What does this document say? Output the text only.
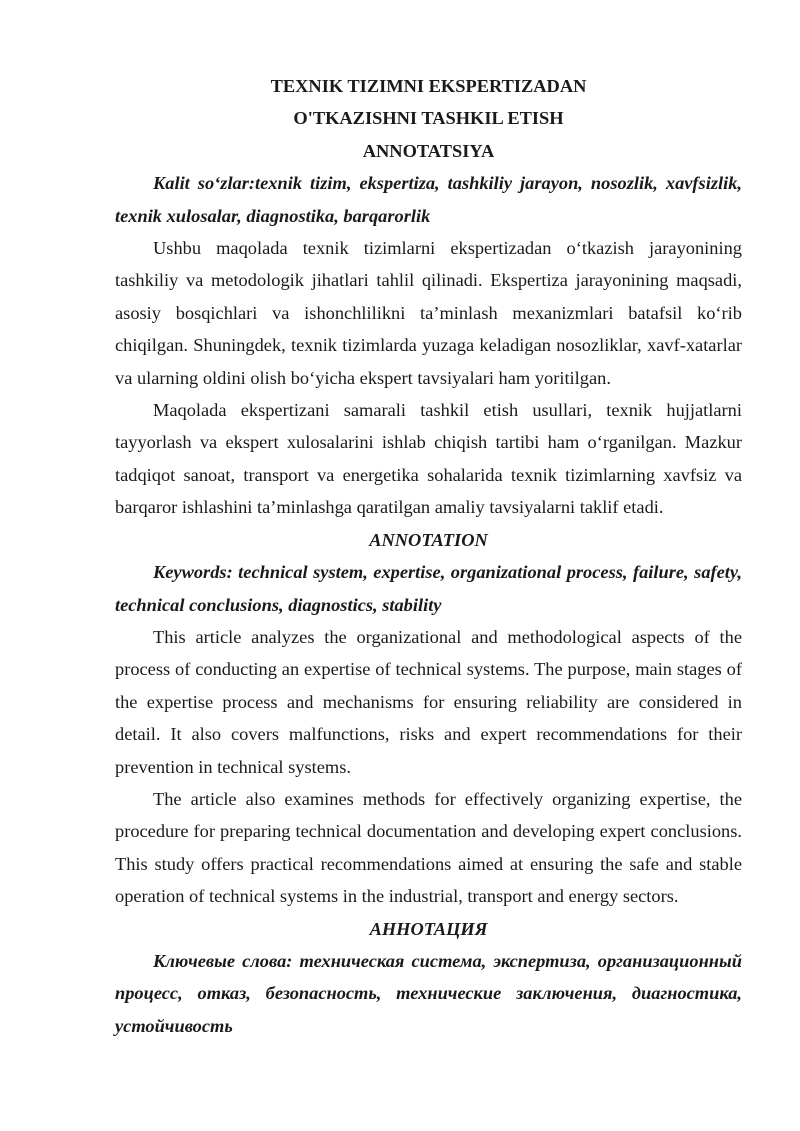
TEXNIK TIZIMNI EKSPERTIZADAN
O'TKAZISHNI TASHKIL ETISH
ANNOTATSIYA

Kalit so‘zlar:texnik tizim, ekspertiza, tashkiliy jarayon, nosozlik, xavfsizlik, texnik xulosalar, diagnostika, barqarorlik

Ushbu maqolada texnik tizimlarni ekspertizadan o‘tkazish jarayonining tashkiliy va metodologik jihatlari tahlil qilinadi. Ekspertiza jarayonining maqsadi, asosiy bosqichlari va ishonchlilikni ta’minlash mexanizmlari batafsil ko‘rib chiqilgan. Shuningdek, texnik tizimlarda yuzaga keladigan nosozliklar, xavf-xatarlar va ularning oldini olish bo‘yicha ekspert tavsiyalari ham yoritilgan.

Maqolada ekspertizani samarali tashkil etish usullari, texnik hujjatlarni tayyorlash va ekspert xulosalarini ishlab chiqish tartibi ham o‘rganilgan. Mazkur tadqiqot sanoat, transport va energetika sohalarida texnik tizimlarning xavfsiz va barqaror ishlashini ta’minlashga qaratilgan amaliy tavsiyalarni taklif etadi.

ANNOTATION

Keywords: technical system, expertise, organizational process, failure, safety, technical conclusions, diagnostics, stability

This article analyzes the organizational and methodological aspects of the process of conducting an expertise of technical systems. The purpose, main stages of the expertise process and mechanisms for ensuring reliability are considered in detail. It also covers malfunctions, risks and expert recommendations for their prevention in technical systems.

The article also examines methods for effectively organizing expertise, the procedure for preparing technical documentation and developing expert conclusions. This study offers practical recommendations aimed at ensuring the safe and stable operation of technical systems in the industrial, transport and energy sectors.

АННОТАЦИЯ

Ключевые слова: техническая система, экспертиза, организационный процесс, отказ, безопасность, технические заключения, диагностика, устойчивость
